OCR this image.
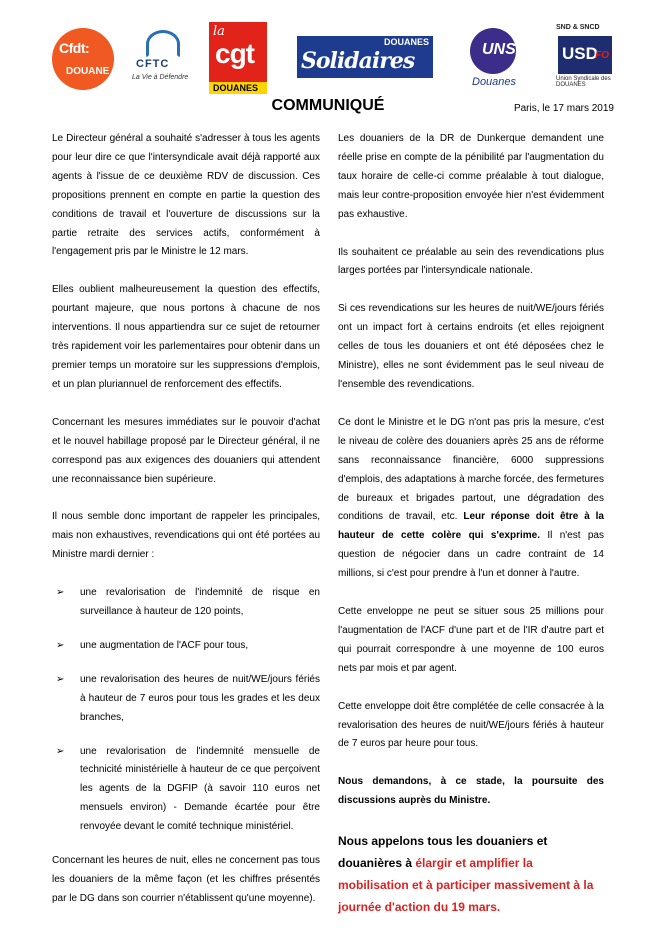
Cfdt:
DOUANE
CFTC
La Vie à Défendre
la
cgt
DOUANES
DOUANES
Solidaires	UNSA
Douanes
SND & SNCD
USD
FO
Union Syndicale des DOUANES
COMMUNIQUÉ	Paris, le 17 mars 2019

Le Directeur général a souhaité s'adresser à tous les agents pour leur dire ce que l'intersyndicale avait déjà rapporté aux agents à l'issue de ce deuxième RDV de discussion. Ces propositions prennent en compte en partie la question des conditions de travail et l'ouverture de discussions sur la partie retraite des services actifs, conformément à l'engagement pris par le Ministre le 12 mars.

Elles oublient malheureusement la question des effectifs, pourtant majeure, que nous portons à chacune de nos interventions. Il nous appartiendra sur ce sujet de retourner très rapidement voir les parlementaires pour obtenir dans un premier temps un moratoire sur les suppressions d'emplois, et un plan pluriannuel de renforcement des effectifs.

Concernant les mesures immédiates sur le pouvoir d'achat et le nouvel habillage proposé par le Directeur général, il ne correspond pas aux exigences des douaniers qui attendent une reconnaissance bien supérieure.

Il nous semble donc important de rappeler les principales, mais non exhaustives, revendications qui ont été portées au Ministre mardi dernier :

➢ une revalorisation de l'indemnité de risque en surveillance à hauteur de 120 points,
➢ une augmentation de l'ACF pour tous,
➢ une revalorisation des heures de nuit/WE/jours fériés à hauteur de 7 euros pour tous les grades et les deux branches,
➢ une revalorisation de l'indemnité mensuelle de technicité ministérielle à hauteur de ce que perçoivent les agents de la DGFIP (à savoir 110 euros net mensuels environ) - Demande écartée pour être renvoyée devant le comité technique ministériel.

Concernant les heures de nuit, elles ne concernent pas tous les douaniers de la même façon (et les chiffres présentés par le DG dans son courrier n'établissent qu'une moyenne).

Les douaniers de la DR de Dunkerque demandent une réelle prise en compte de la pénibilité par l'augmentation du taux horaire de celle-ci comme préalable à tout dialogue, mais leur contre-proposition envoyée hier n'est évidemment pas exhaustive.

Ils souhaitent ce préalable au sein des revendications plus larges portées par l'intersyndicale nationale.

Si ces revendications sur les heures de nuit/WE/jours fériés ont un impact fort à certains endroits (et elles rejoignent celles de tous les douaniers et ont été déposées chez le Ministre), elles ne sont évidemment pas le seul niveau de l'ensemble des revendications.

Ce dont le Ministre et le DG n'ont pas pris la mesure, c'est le niveau de colère des douaniers après 25 ans de réforme sans reconnaissance financière, 6000 suppressions d'emplois, des adaptations à marche forcée, des fermetures de bureaux et brigades partout, une dégradation des conditions de travail, etc. Leur réponse doit être à la hauteur de cette colère qui s'exprime. Il n'est pas question de négocier dans un cadre contraint de 14 millions, si c'est pour prendre à l'un et donner à l'autre.

Cette enveloppe ne peut se situer sous 25 millions pour l'augmentation de l'ACF d'une part et de l'IR d'autre part et qui pourrait correspondre à une moyenne de 100 euros nets par mois et par agent.

Cette enveloppe doit être complétée de celle consacrée à la revalorisation des heures de nuit/WE/jours fériés à hauteur de 7 euros par heure pour tous.

Nous demandons, à ce stade, la poursuite des discussions auprès du Ministre.

Nous appelons tous les douaniers et douanières à élargir et amplifier la mobilisation et à participer massivement à la journée d'action du 19 mars.
